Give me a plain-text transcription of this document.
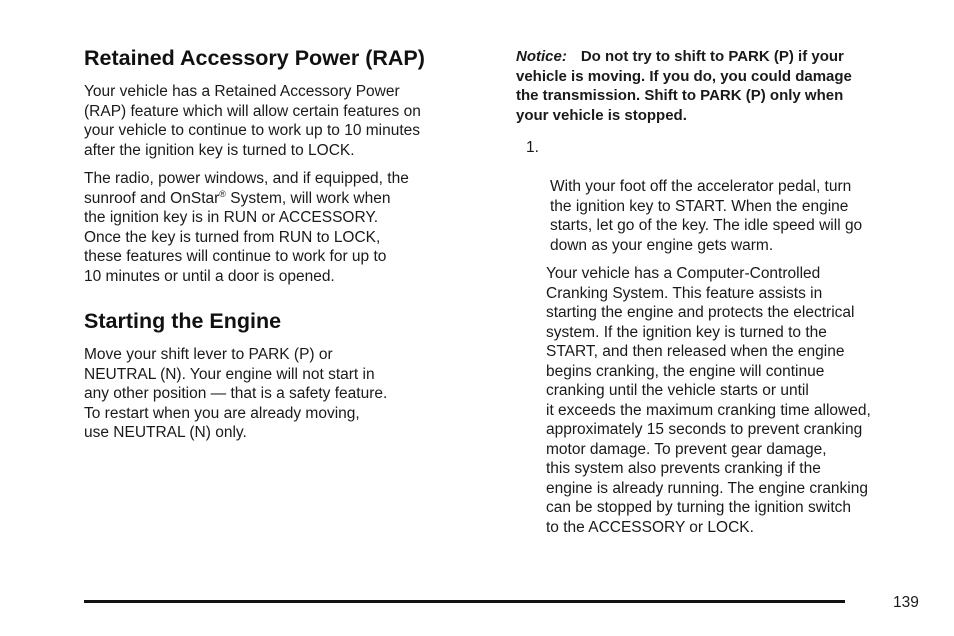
Retained Accessory Power (RAP)

Your vehicle has a Retained Accessory Power
(RAP) feature which will allow certain features on
your vehicle to continue to work up to 10 minutes
after the ignition key is turned to LOCK.

The radio, power windows, and if equipped, the
sunroof and OnStar® System, will work when
the ignition key is in RUN or ACCESSORY.
Once the key is turned from RUN to LOCK,
these features will continue to work for up to
10 minutes or until a door is opened.

Starting the Engine

Move your shift lever to PARK (P) or
NEUTRAL (N). Your engine will not start in
any other position — that is a safety feature.
To restart when you are already moving,
use NEUTRAL (N) only.

Notice: Do not try to shift to PARK (P) if your
vehicle is moving. If you do, you could damage
the transmission. Shift to PARK (P) only when
your vehicle is stopped.

1.

With your foot off the accelerator pedal, turn
the ignition key to START. When the engine
starts, let go of the key. The idle speed will go
down as your engine gets warm.

Your vehicle has a Computer-Controlled
Cranking System. This feature assists in
starting the engine and protects the electrical
system. If the ignition key is turned to the
START, and then released when the engine
begins cranking, the engine will continue
cranking until the vehicle starts or until
it exceeds the maximum cranking time allowed,
approximately 15 seconds to prevent cranking
motor damage. To prevent gear damage,
this system also prevents cranking if the
engine is already running. The engine cranking
can be stopped by turning the ignition switch
to the ACCESSORY or LOCK.
139
